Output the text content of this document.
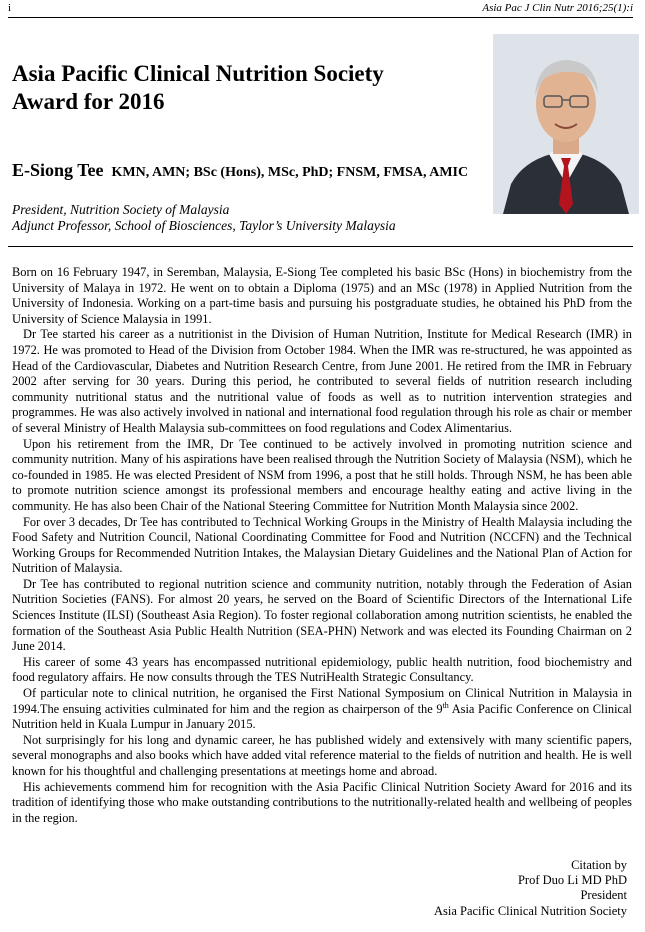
i	Asia Pac J Clin Nutr 2016;25(1):i
Asia Pacific Clinical Nutrition Society
Award for 2016
E-Siong Tee KMN, AMN; BSc (Hons), MSc, PhD; FNSM, FMSA, AMIC
President, Nutrition Society of Malaysia
Adjunct Professor, School of Biosciences, Taylor’s University Malaysia

Born on 16 February 1947, in Seremban, Malaysia, E-Siong Tee completed his basic BSc (Hons) in biochemistry from the University of Malaya in 1972. He went on to obtain a Diploma (1975) and an MSc (1978) in Applied Nutrition from the University of Indonesia. Working on a part-time basis and pursuing his postgraduate studies, he obtained his PhD from the University of Science Malaysia in 1991.

Dr Tee started his career as a nutritionist in the Division of Human Nutrition, Institute for Medical Research (IMR) in 1972. He was promoted to Head of the Division from October 1984. When the IMR was re-structured, he was appointed as Head of the Cardiovascular, Diabetes and Nutrition Research Centre, from June 2001. He retired from the IMR in February 2002 after serving for 30 years. During this period, he contributed to several fields of nutrition research including community nutritional status and the nutritional value of foods as well as to nutrition intervention strategies and programmes. He was also actively involved in national and international food regulation through his role as chair or member of several Ministry of Health Malaysia sub-committees on food regulations and Codex Alimentarius.

Upon his retirement from the IMR, Dr Tee continued to be actively involved in promoting nutrition science and community nutrition. Many of his aspirations have been realised through the Nutrition Society of Malaysia (NSM), which he co-founded in 1985. He was elected President of NSM from 1996, a post that he still holds. Through NSM, he has been able to promote nutrition science amongst its professional members and encourage healthy eating and active living in the community. He has also been Chair of the National Steering Committee for Nutrition Month Malaysia since 2002.

For over 3 decades, Dr Tee has contributed to Technical Working Groups in the Ministry of Health Malaysia including the Food Safety and Nutrition Council, National Coordinating Committee for Food and Nutrition (NCCFN) and the Technical Working Groups for Recommended Nutrition Intakes, the Malaysian Dietary Guidelines and the National Plan of Action for Nutrition of Malaysia.

Dr Tee has contributed to regional nutrition science and community nutrition, notably through the Federation of Asian Nutrition Societies (FANS). For almost 20 years, he served on the Board of Scientific Directors of the International Life Sciences Institute (ILSI) (Southeast Asia Region). To foster regional collaboration among nutrition scientists, he enabled the formation of the Southeast Asia Public Health Nutrition (SEA-PHN) Network and was elected its Founding Chairman on 2 June 2014.

His career of some 43 years has encompassed nutritional epidemiology, public health nutrition, food biochemistry and food regulatory affairs. He now consults through the TES NutriHealth Strategic Consultancy.

Of particular note to clinical nutrition, he organised the First National Symposium on Clinical Nutrition in Malaysia in 1994.The ensuing activities culminated for him and the region as chairperson of the 9th Asia Pacific Conference on Clinical Nutrition held in Kuala Lumpur in January 2015.

Not surprisingly for his long and dynamic career, he has published widely and extensively with many scientific papers, several monographs and also books which have added vital reference material to the fields of nutrition and health. He is well known for his thoughtful and challenging presentations at meetings home and abroad.

His achievements commend him for recognition with the Asia Pacific Clinical Nutrition Society Award for 2016 and its tradition of identifying those who make outstanding contributions to the nutritionally-related health and wellbeing of peoples in the region.

Citation by
Prof Duo Li MD PhD
President
Asia Pacific Clinical Nutrition Society
